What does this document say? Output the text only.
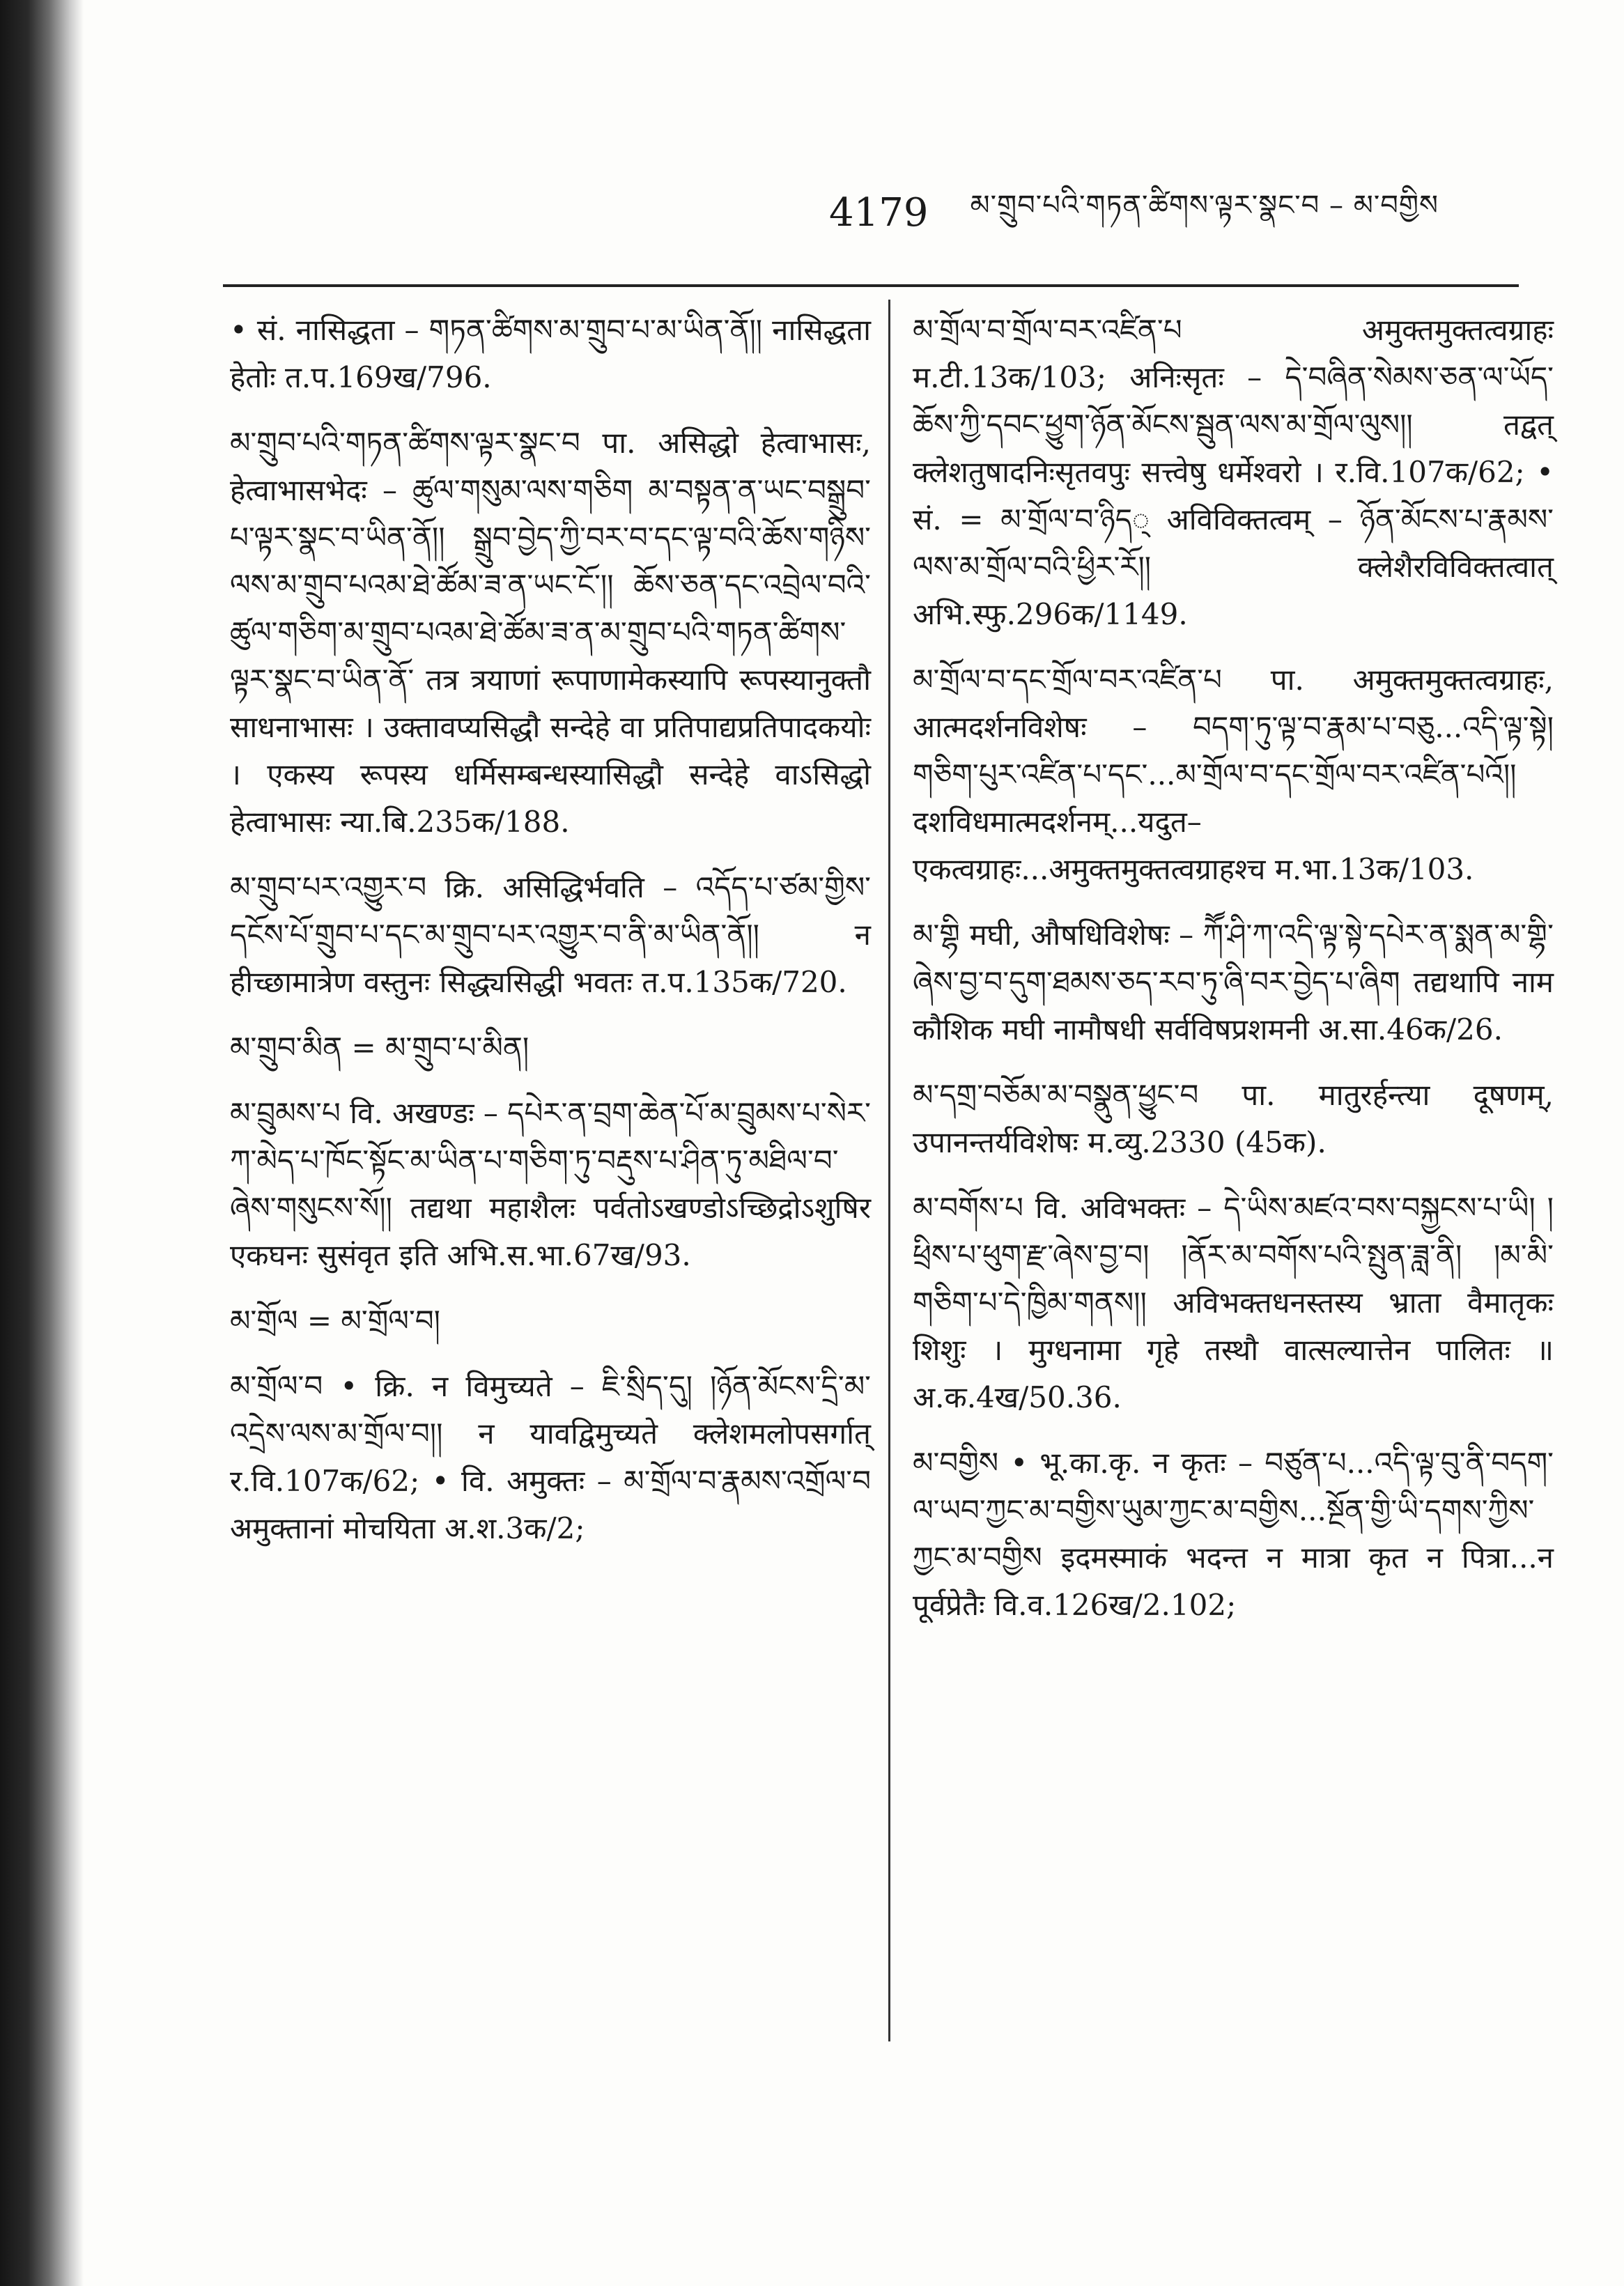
4179 མ་གྲུབ་པའི་གཏན་ཚིགས་ལྟར་སྣང་བ – མ་བགྱིས

• सं. नासिद्धता – གཏན་ཚིགས་མ་གྲུབ་པ་མ་ཡིན་ནོ།། नासिद्धता हेतोः त.प.169ख/796.

མ་གྲུབ་པའི་གཏན་ཚིགས་ལྟར་སྣང་བ पा. असिद्धो हेत्वाभासः, हेत्वाभासभेदः – ཚུལ་གསུམ་ལས་གཅིག མ་བསྟན་ན་ཡང་བསྒྲུབ་པ་ལྟར་སྣང་བ་ཡིན་ནོ།། སྒྲུབ་བྱེད་ཀྱི་བར་བ་དང་ལྟ་བའི་ཆོས་གཉིས་ལས་མ་གྲུབ་པའམ་ཐེ་ཚོམ་ཟ་ན་ཡང་ངོ་།། ཆོས་ཅན་དང་འབྲེལ་བའི་ཚུལ་གཅིག་མ་གྲུབ་པའམ་ཐེ་ཚོམ་ཟ་ན་མ་གྲུབ་པའི་གཏན་ཚིགས་ལྟར་སྣང་བ་ཡིན་ནོ་ तत्र त्रयाणां रूपाणामेकस्यापि रूपस्यानुक्तौ साधनाभासः । उक्तावप्यसिद्धौ सन्देहे वा प्रतिपाद्यप्रतिपादकयोः । एकस्य रूपस्य धर्मिसम्बन्धस्यासिद्धौ सन्देहे वाऽसिद्धो हेत्वाभासः न्या.बि.235क/188.

མ་གྲུབ་པར་འགྱུར་བ क्रि. असिद्धिर्भवति – འདོད་པ་ཙམ་གྱིས་དངོས་པོ་གྲུབ་པ་དང་མ་གྲུབ་པར་འགྱུར་བ་ནི་མ་ཡིན་ནོ།། न हीच्छामात्रेण वस्तुनः सिद्ध्यसिद्धी भवतः त.प.135क/720.

མ་གྲུབ་མིན = མ་གྲུབ་པ་མིན།

མ་བྲུམས་པ वि. अखण्डः – དཔེར་ན་བྲག་ཆེན་པོ་མ་བྲུམས་པ་སེར་ཀ་མེད་པ་ཁོང་སྟོང་མ་ཡིན་པ་གཅིག་ཏུ་བརྡུས་པ་ཤིན་ཏུ་མཐིལ་བ་ཞེས་གསུངས་སོ།། तद्यथा महाशैलः पर्वतोऽखण्डोऽच्छिद्रोऽशुषिर एकघनः सुसंवृत इति अभि.स.भा.67ख/93.

མ་གྲོལ = མ་གྲོལ་བ།

མ་གྲོལ་བ • क्रि. न विमुच्यते – ཇི་སྲིད་དུ། །ཉོན་མོངས་དྲི་མ་འདྲེས་ལས་མ་གྲོལ་བ།། न यावद्विमुच्यते क्लेशमलोपसर्गात् र.वि.107क/62; • वि. अमुक्तः – མ་གྲོལ་བ་རྣམས་འགྲོལ་བ अमुक्तानां मोचयिता अ.श.3क/2;

མ་གྲོལ་བ་གྲོལ་བར་འཛིན་པ अमुक्तमुक्तत्वग्राहः म.टी.13क/103; अनिःसृतः – དེ་བཞིན་སེམས་ཅན་ལ་ཡོད་ཆོས་ཀྱི་དབང་ཕྱུག་ཉོན་མོངས་སྦུན་ལས་མ་གྲོལ་ལུས།། तद्वत् क्लेशतुषादनिःसृतवपुः सत्त्वेषु धर्मेश्वरो । र.वि.107क/62; • सं. = མ་གྲོལ་བ་ཉིད् अविविक्तत्वम् – ཉོན་མོངས་པ་རྣམས་ལས་མ་གྲོལ་བའི་ཕྱིར་རོ།། क्लेशैरविविक्तत्वात् अभि.स्फु.296क/1149.

མ་གྲོལ་བ་དང་གྲོལ་བར་འཛིན་པ पा. अमुक्तमुक्तत्वग्राहः, आत्मदर्शनविशेषः – བདག་ཏུ་ལྟ་བ་རྣམ་པ་བཅུ...འདི་ལྟ་སྟེ། གཅིག་པུར་འཛིན་པ་དང་...མ་གྲོལ་བ་དང་གྲོལ་བར་འཛིན་པའོ།། दशविधमात्मदर्शनम्...यदुत–एकत्वग्राहः...अमुक्तमुक्तत्वग्राहश्च म.भा.13क/103.

མ་གྷི मघी, औषधिविशेषः – ཀཽ་ཤི་ཀ་འདི་ལྟ་སྟེ་དཔེར་ན་སྨན་མ་གྷི་ཞེས་བྱ་བ་དུག་ཐམས་ཅད་རབ་ཏུ་ཞི་བར་བྱེད་པ་ཞིག तद्यथापि नाम कौशिक मघी नामौषधी सर्वविषप्रशमनी अ.सा.46क/26.

མ་དགྲ་བཅོམ་མ་བསྣུན་ཕྱུང་བ पा. मातुरर्हन्त्या दूषणम्, उपानन्तर्यविशेषः म.व्यु.2330 (45क).

མ་བགོས་པ वि. अविभक्तः – དེ་ཡིས་མཛའ་བས་བསྐྱངས་པ་ཡི། །ཕྲིས་པ་ཕུག་རྫ་ཞེས་བྱ་བ། །ནོར་མ་བགོས་པའི་སྤུན་ཟླ་ནི། །མ་མི་གཅིག་པ་དེ་ཁྱིམ་གནས།། अविभक्तधनस्तस्य भ्राता वैमातृकः शिशुः । मुग्धनामा गृहे तस्थौ वात्सल्यात्तेन पालितः ॥ अ.क.4ख/50.36.

མ་བགྱིས • भू.का.कृ. न कृतः – བཙུན་པ...འདི་ལྟ་བུ་ནི་བདག་ལ་ཡབ་ཀྱང་མ་བགྱིས་ཡུམ་ཀྱང་མ་བགྱིས...སྔོན་གྱི་ཡི་དགས་ཀྱིས་ཀྱང་མ་བགྱིས इदमस्माकं भदन्त न मात्रा कृत न पित्रा...न पूर्वप्रेतैः वि.व.126ख/2.102;
